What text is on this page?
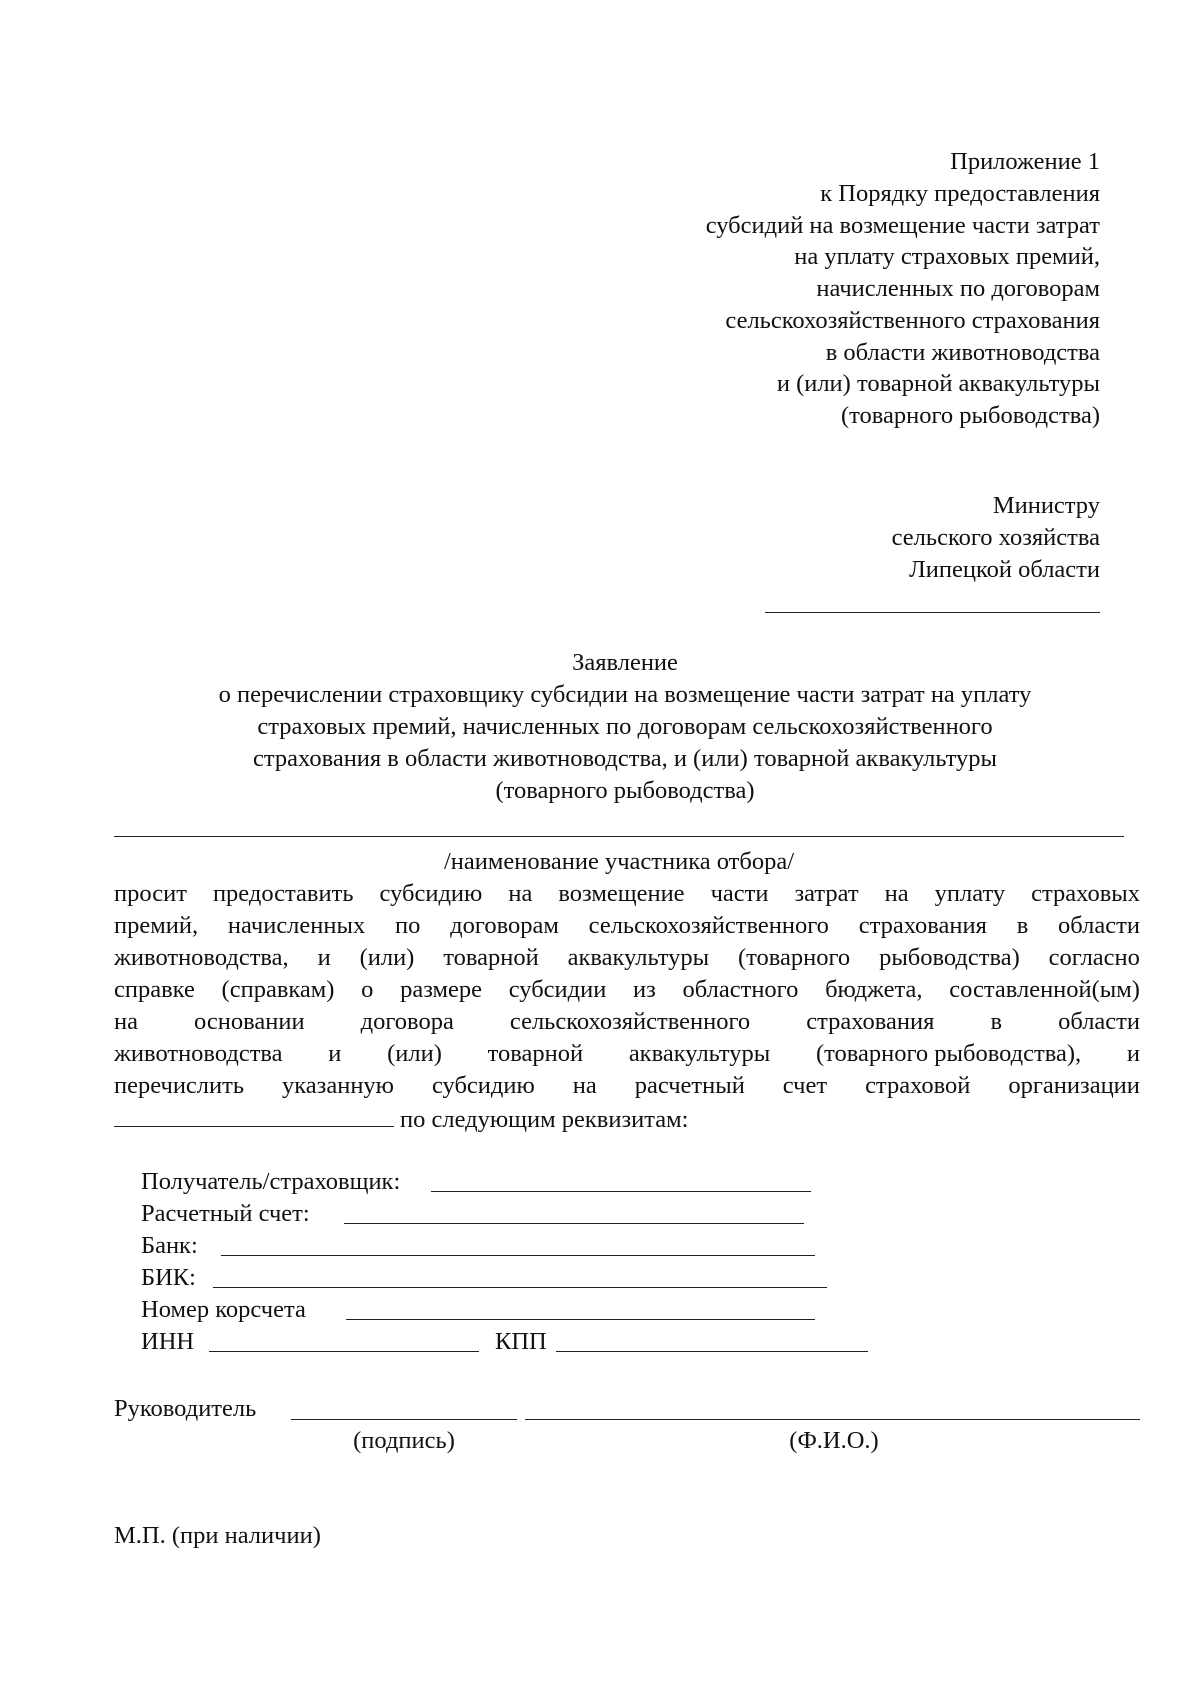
Приложение 1
к Порядку предоставления
субсидий на возмещение части затрат
на уплату страховых премий,
начисленных по договорам
сельскохозяйственного страхования
в области животноводства
и (или) товарной аквакультуры
(товарного рыбоводства)
Министру
сельского хозяйства
Липецкой области
Заявление
о перечислении страховщику субсидии на возмещение части затрат на уплату
страховых премий, начисленных по договорам сельскохозяйственного
страхования в области животноводства, и (или) товарной аквакультуры
(товарного рыбоводства)
/наименование участника отбора/
просит предоставить субсидию на возмещение части затрат на уплату страховых
премий, начисленных по договорам сельскохозяйственного страхования в области
животноводства, и (или) товарной аквакультуры (товарного рыбоводства) согласно
справке (справкам) о размере субсидии из областного бюджета, составленной(ым)
на основании договора сельскохозяйственного страхования в области
животноводства и (или) товарной аквакультуры (товарного рыбоводства), и
перечислить указанную субсидию на расчетный счет страховой организации
по следующим реквизитам:
Получатель/страховщик:
Расчетный счет:
Банк:
БИК:
Номер корсчета
ИНН	КПП
Руководитель
(подпись)	(Ф.И.О.)
М.П. (при наличии)
